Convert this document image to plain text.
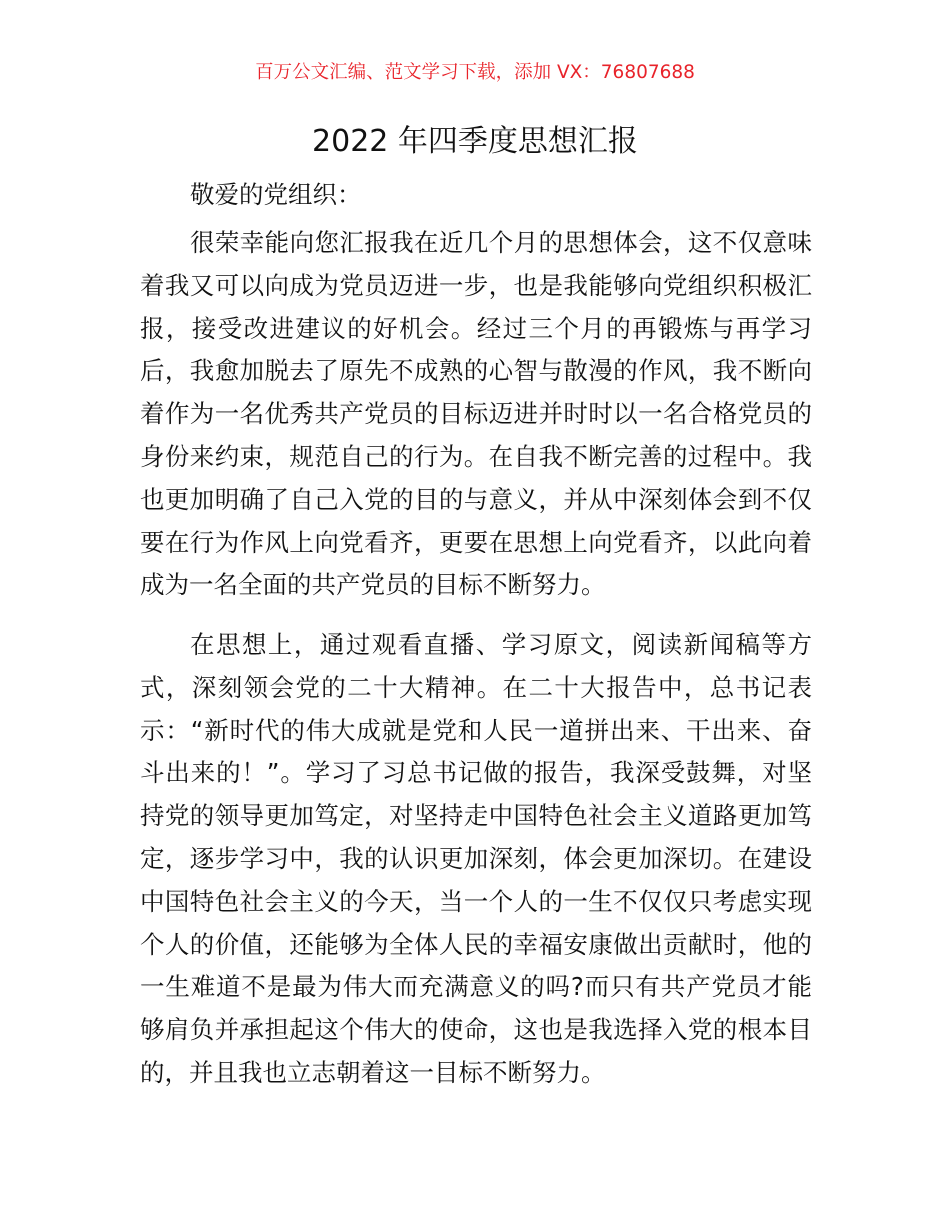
百万公文汇编、范文学习下载，添加 VX：76807688
2022 年四季度思想汇报
敬爱的党组织：
很荣幸能向您汇报我在近几个月的思想体会，这不仅意味
着我又可以向成为党员迈进一步，也是我能够向党组织积极汇
报，接受改进建议的好机会。经过三个月的再锻炼与再学习
后，我愈加脱去了原先不成熟的心智与散漫的作风，我不断向
着作为一名优秀共产党员的目标迈进并时时以一名合格党员的
身份来约束，规范自己的行为。在自我不断完善的过程中。我
也更加明确了自己入党的目的与意义，并从中深刻体会到不仅
要在行为作风上向党看齐，更要在思想上向党看齐，以此向着
成为一名全面的共产党员的目标不断努力。
在思想上，通过观看直播、学习原文，阅读新闻稿等方
式，深刻领会党的二十大精神。在二十大报告中，总书记表
示：“新时代的伟大成就是党和人民一道拼出来、干出来、奋
斗出来的！”。学习了习总书记做的报告，我深受鼓舞，对坚
持党的领导更加笃定，对坚持走中国特色社会主义道路更加笃
定，逐步学习中，我的认识更加深刻，体会更加深切。在建设
中国特色社会主义的今天，当一个人的一生不仅仅只考虑实现
个人的价值，还能够为全体人民的幸福安康做出贡献时，他的
一生难道不是最为伟大而充满意义的吗?而只有共产党员才能
够肩负并承担起这个伟大的使命，这也是我选择入党的根本目
的，并且我也立志朝着这一目标不断努力。
